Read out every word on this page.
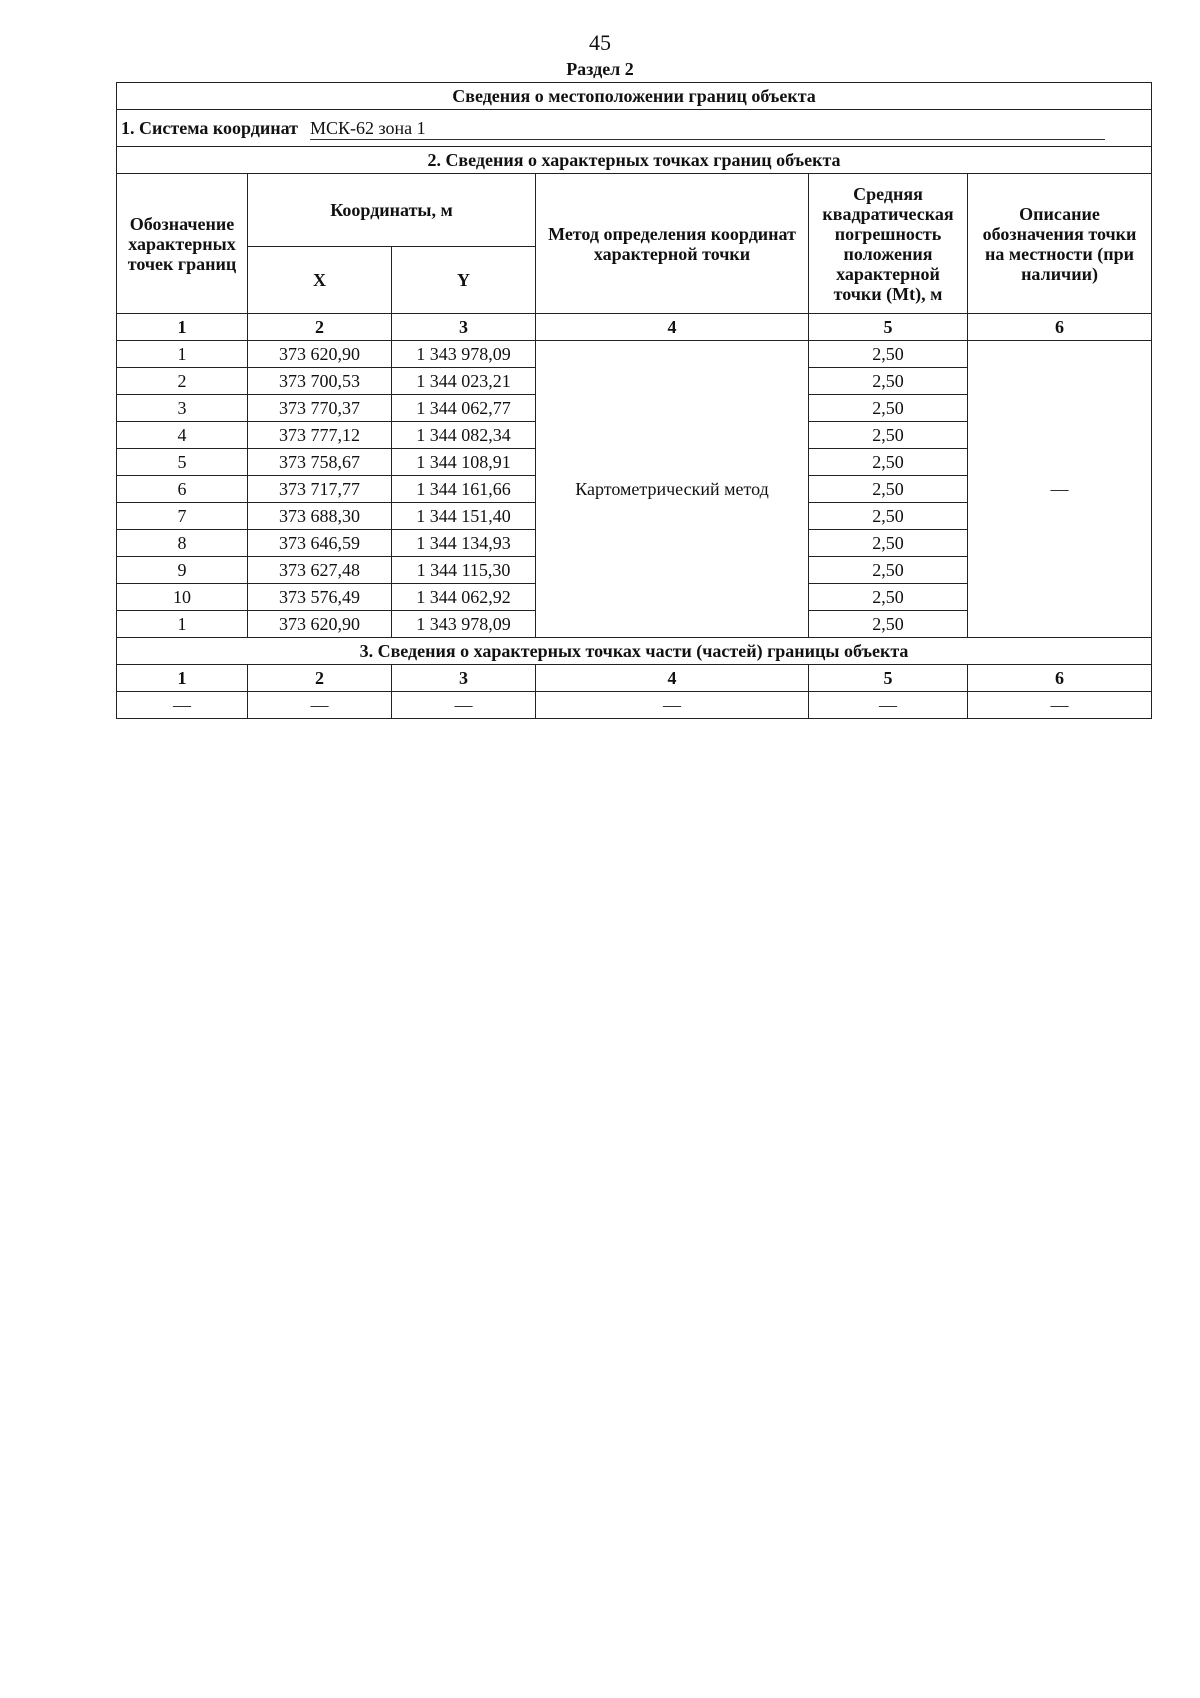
45
Раздел 2
Сведения о местоположении границ объекта					
1. Система координат МСК-62 зона 1					
2. Сведения о характерных точках границ объекта					
Обозначение характерных точек границ	Координаты, м		Метод определения координат характерной точки	Средняя квадратическая погрешность положения характерной точки (Mt), м	Описание обозначения точки на местности (при наличии)
	X	Y			
1	2	3	4	5	6
1	373 620,90	1 343 978,09	Картометрический метод	2,50	—
2	373 700,53	1 344 023,21		2,50	
3	373 770,37	1 344 062,77		2,50	
4	373 777,12	1 344 082,34		2,50	
5	373 758,67	1 344 108,91		2,50	
6	373 717,77	1 344 161,66		2,50	
7	373 688,30	1 344 151,40		2,50	
8	373 646,59	1 344 134,93		2,50	
9	373 627,48	1 344 115,30		2,50	
10	373 576,49	1 344 062,92		2,50	
1	373 620,90	1 343 978,09		2,50	
3. Сведения о характерных точках части (частей) границы объекта					
1	2	3	4	5	6
—	—	—	—	—	—
